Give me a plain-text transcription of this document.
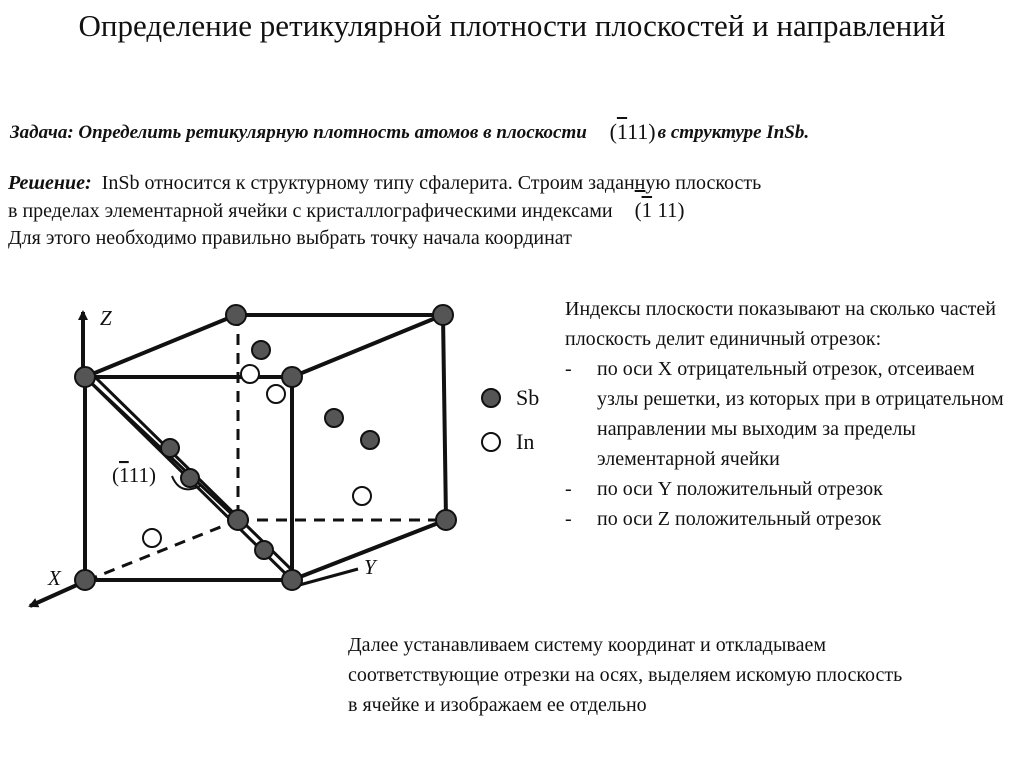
Определение ретикулярной плотности плоскостей и направлений
Задача: Определить ретикулярную плотность атомов в плоскости (111) в структуре InSb.
Решение: InSb относится к структурному типу сфалерита. Строим заданную плоскость
в пределах элементарной ячейки с кристаллографическими индексами (1 11)
Для этого необходимо правильно выбрать точку начала координат
(111)
Z
X	Y
Sb
In
Индексы плоскости показывают на сколько частей плоскость делит единичный отрезок:
- по оси X отрицательный отрезок, отсеиваем узлы решетки, из которых при в отрицательном направлении мы выходим за пределы элементарной ячейки
- по оси Y положительный отрезок
- по оси Z положительный отрезок
Далее устанавливаем систему координат и откладываем соответствующие отрезки на осях, выделяем искомую плоскость в ячейке и изображаем ее отдельно
